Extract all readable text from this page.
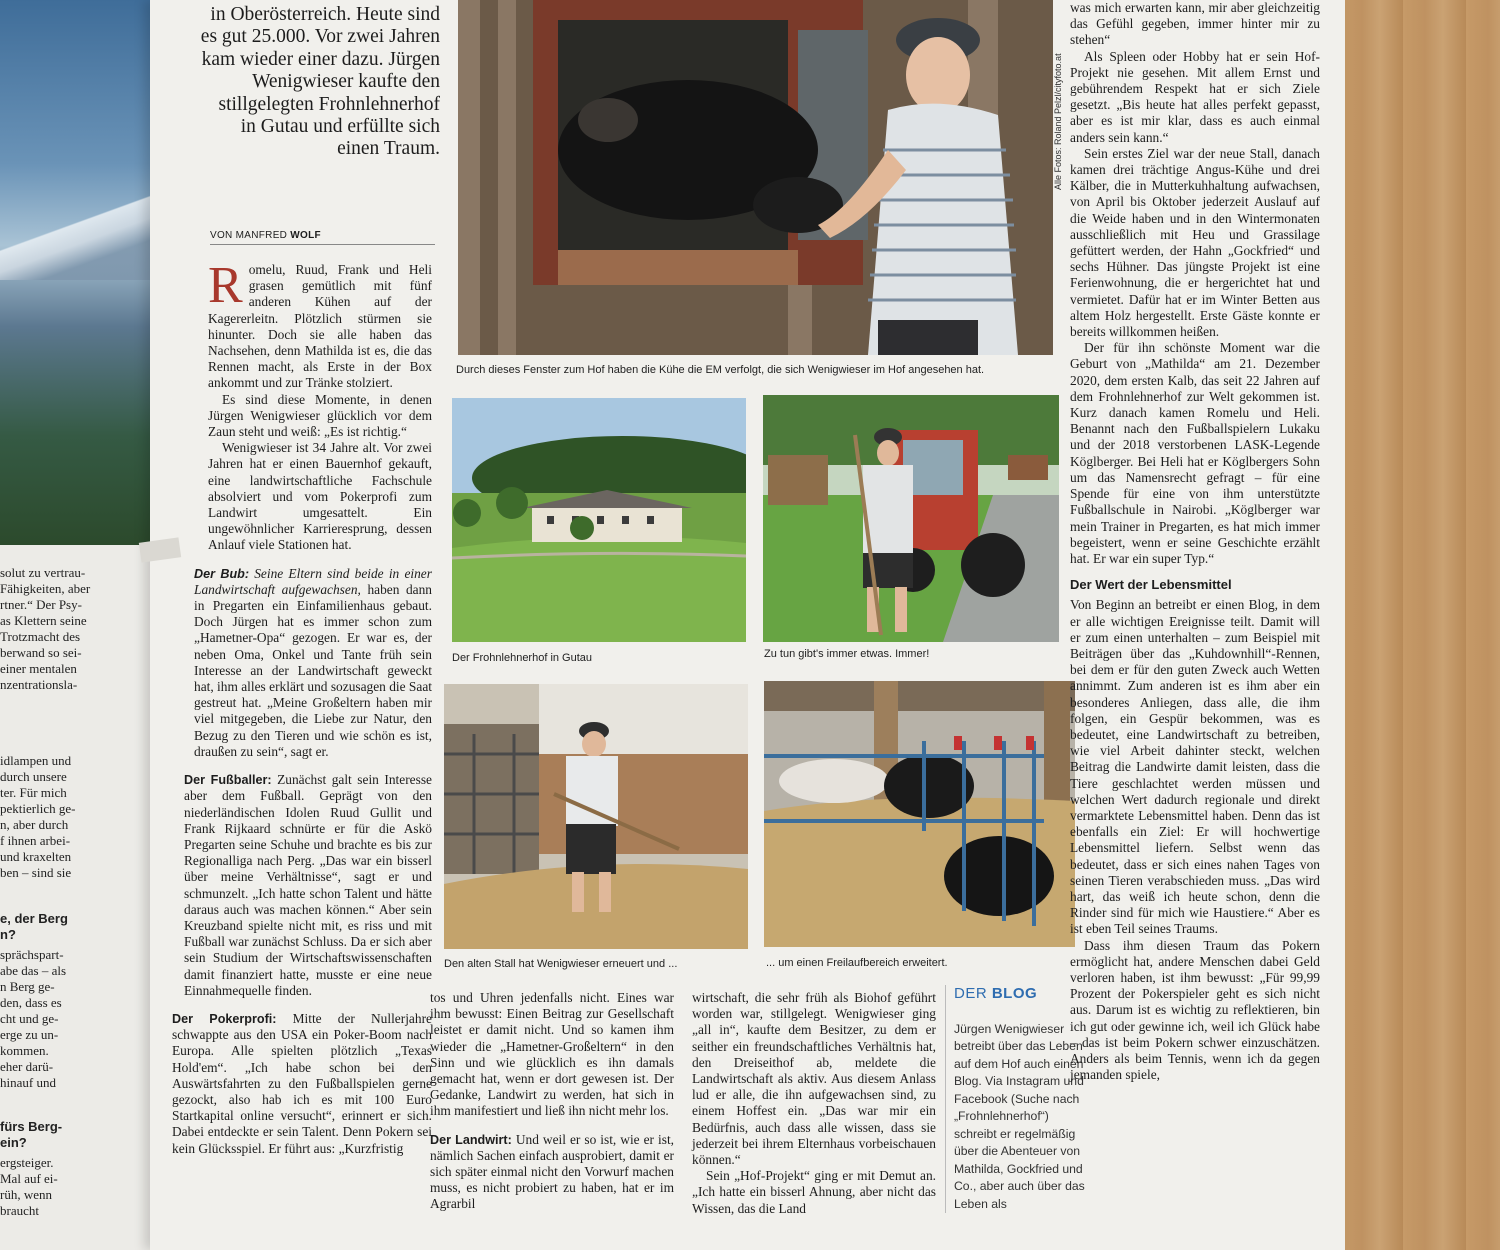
solut zu vertrau-
Fähigkeiten, aber
rtner.“ Der Psy-
as Klettern seine
Trotzmacht des
berwand so sei-
einer mentalen
nzentrationsla-
idlampen und
durch unsere
ter. Für mich
pektierlich ge-
n, aber durch
f ihnen arbei-
und kraxelten
ben – sind sie
e, der Berg
n?
sprächspart-
abe das – als
n Berg ge-
den, dass es
cht und ge-
erge zu un-
kommen.
eher darü-
hinauf und
fürs Berg-
ein?
ergsteiger.
Mal auf ei-
rüh, wenn
braucht
in Oberösterreich. Heute sind es gut 25.000. Vor zwei Jahren kam wieder einer dazu. Jürgen Wenigwieser kaufte den stillgelegten Frohnlehnerhof in Gutau und erfüllte sich einen Traum.
VON MANFRED WOLF

Romelu, Ruud, Frank und Heli grasen gemütlich mit fünf anderen Kühen auf der Kagererleitn. Plötzlich stürmen sie hinunter. Doch sie alle haben das Nachsehen, denn Mathilda ist es, die das Rennen macht, als Erste in der Box ankommt und zur Tränke stolziert.

Es sind diese Momente, in denen Jürgen Wenigwieser glücklich vor dem Zaun steht und weiß: „Es ist richtig.“

Wenigwieser ist 34 Jahre alt. Vor zwei Jahren hat er einen Bauernhof gekauft, eine landwirtschaftliche Fachschule absolviert und vom Pokerprofi zum Landwirt umgesattelt. Ein ungewöhnlicher Karrieresprung, dessen Anlauf viele Stationen hat.

Der Bub: Seine Eltern sind beide in einer Landwirtschaft aufgewachsen, haben dann in Pregarten ein Einfamilienhaus gebaut. Doch Jürgen hat es immer schon zum „Hametner-Opa“ gezogen. Er war es, der neben Oma, Onkel und Tante früh sein Interesse an der Landwirtschaft geweckt hat, ihm alles erklärt und sozusagen die Saat gestreut hat. „Meine Großeltern haben mir viel mitgegeben, die Liebe zur Natur, den Bezug zu den Tieren und wie schön es ist, draußen zu sein“, sagt er.

Der Fußballer: Zunächst galt sein Interesse aber dem Fußball. Geprägt von den niederländischen Idolen Ruud Gullit und Frank Rijkaard schnürte er für die Askö Pregarten seine Schuhe und brachte es bis zur Regionalliga nach Perg. „Das war ein bisserl über meine Verhältnisse“, sagt er und schmunzelt. „Ich hatte schon Talent und hätte daraus auch was machen können.“ Aber sein Kreuzband spielte nicht mit, es riss und mit Fußball war zunächst Schluss. Da er sich aber sein Studium der Wirtschaftswissenschaften damit finanziert hatte, musste er eine neue Einnahmequelle finden.

Der Pokerprofi: Mitte der Nullerjahre schwappte aus den USA ein Poker-Boom nach Europa. Alle spielten plötzlich „Texas Hold'em“. „Ich habe schon bei den Auswärtsfahrten zu den Fußballspielen gerne gezockt, also hab ich es mit 100 Euro Startkapital online versucht“, erinnert er sich. Dabei entdeckte er sein Talent. Denn Pokern sei kein Glücksspiel. Er führt aus: „Kurzfristig

Alle Fotos: Roland Pelzl/cityfoto.at
Durch dieses Fenster zum Hof haben die Kühe die EM verfolgt, die sich Wenigwieser im Hof angesehen hat.
Der Frohnlehnerhof in Gutau	Zu tun gibt's immer etwas. Immer!
Den alten Stall hat Wenigwieser erneuert und ...	... um einen Freilaufbereich erweitert.

tos und Uhren jedenfalls nicht. Eines war ihm bewusst: Einen Beitrag zur Gesellschaft leistet er damit nicht. Und so kamen ihm wieder die „Hametner-Großeltern“ in den Sinn und wie glücklich es ihn damals gemacht hat, wenn er dort gewesen ist. Der Gedanke, Landwirt zu werden, hat sich in ihm manifestiert und ließ ihn nicht mehr los.

Der Landwirt: Und weil er so ist, wie er ist, nämlich Sachen einfach ausprobiert, damit er sich später einmal nicht den Vorwurf machen muss, es nicht probiert zu haben, hat er im Agrarbil

wirtschaft, die sehr früh als Biohof geführt worden war, stillgelegt. Wenigwieser ging „all in“, kaufte dem Besitzer, zu dem er seither ein freundschaftliches Verhältnis hat, den Dreiseithof ab, meldete die Landwirtschaft als aktiv. Aus diesem Anlass lud er alle, die ihn aufgewachsen sind, zu einem Hoffest ein. „Das war mir ein Bedürfnis, auch dass alle wissen, dass sie jederzeit bei ihrem Elternhaus vorbeischauen können.“

Sein „Hof-Projekt“ ging er mit Demut an. „Ich hatte ein bisserl Ahnung, aber nicht das Wissen, das die Land

DER BLOG
Jürgen Wenigwieser betreibt über das Leben auf dem Hof auch einen Blog. Via Instagram und Facebook (Suche nach „Frohnlehnerhof“) schreibt er regelmäßig über die Abenteuer von Mathilda, Gockfried und Co., aber auch über das Leben als

was mich erwarten kann, mir aber gleichzeitig das Gefühl gegeben, immer hinter mir zu stehen“

Als Spleen oder Hobby hat er sein Hof-Projekt nie gesehen. Mit allem Ernst und gebührendem Respekt hat er sich Ziele gesetzt. „Bis heute hat alles perfekt gepasst, aber es ist mir klar, dass es auch einmal anders sein kann.“

Sein erstes Ziel war der neue Stall, danach kamen drei trächtige Angus-Kühe und drei Kälber, die in Mutterkuhhaltung aufwachsen, von April bis Oktober jederzeit Auslauf auf die Weide haben und in den Wintermonaten ausschließlich mit Heu und Grassilage gefüttert werden, der Hahn „Gockfried“ und sechs Hühner. Das jüngste Projekt ist eine Ferienwohnung, die er hergerichtet hat und vermietet. Dafür hat er im Winter Betten aus altem Holz hergestellt. Erste Gäste konnte er bereits willkommen heißen.

Der für ihn schönste Moment war die Geburt von „Mathilda“ am 21. Dezember 2020, dem ersten Kalb, das seit 22 Jahren auf dem Frohnlehnerhof zur Welt gekommen ist. Kurz danach kamen Romelu und Heli. Benannt nach den Fußballspielern Lukaku und der 2018 verstorbenen LASK-Legende Köglberger. Bei Heli hat er Köglbergers Sohn um das Namensrecht gefragt – für eine Spende für eine von ihm unterstützte Fußballschule in Nairobi. „Köglberger war mein Trainer in Pregarten, es hat mich immer begeistert, wenn er seine Geschichte erzählt hat. Er war ein super Typ.“

Der Wert der Lebensmittel

Von Beginn an betreibt er einen Blog, in dem er alle wichtigen Ereignisse teilt. Damit will er zum einen unterhalten – zum Beispiel mit Beiträgen über das „Kuhdownhill“-Rennen, bei dem er für den guten Zweck auch Wetten annimmt. Zum anderen ist es ihm aber ein besonderes Anliegen, dass alle, die ihm folgen, ein Gespür bekommen, was es bedeutet, eine Landwirtschaft zu betreiben, wie viel Arbeit dahinter steckt, welchen Beitrag die Landwirte damit leisten, dass die Tiere geschlachtet werden müssen und welchen Wert dadurch regionale und direkt vermarktete Lebensmittel haben. Denn das ist ebenfalls ein Ziel: Er will hochwertige Lebensmittel liefern. Selbst wenn das bedeutet, dass er sich eines nahen Tages von seinen Tieren verabschieden muss. „Das wird hart, das weiß ich heute schon, denn die Rinder sind für mich wie Haustiere.“ Aber es ist eben Teil seines Traums.

Dass ihm diesen Traum das Pokern ermöglicht hat, andere Menschen dabei Geld verloren haben, ist ihm bewusst: „Für 99,99 Prozent der Pokerspieler geht es sich nicht aus. Darum ist es wichtig zu reflektieren, bin ich gut oder gewinne ich, weil ich Glück habe – das ist beim Pokern schwer einzuschätzen. Anders als beim Tennis, wenn ich da gegen jemanden spiele,
